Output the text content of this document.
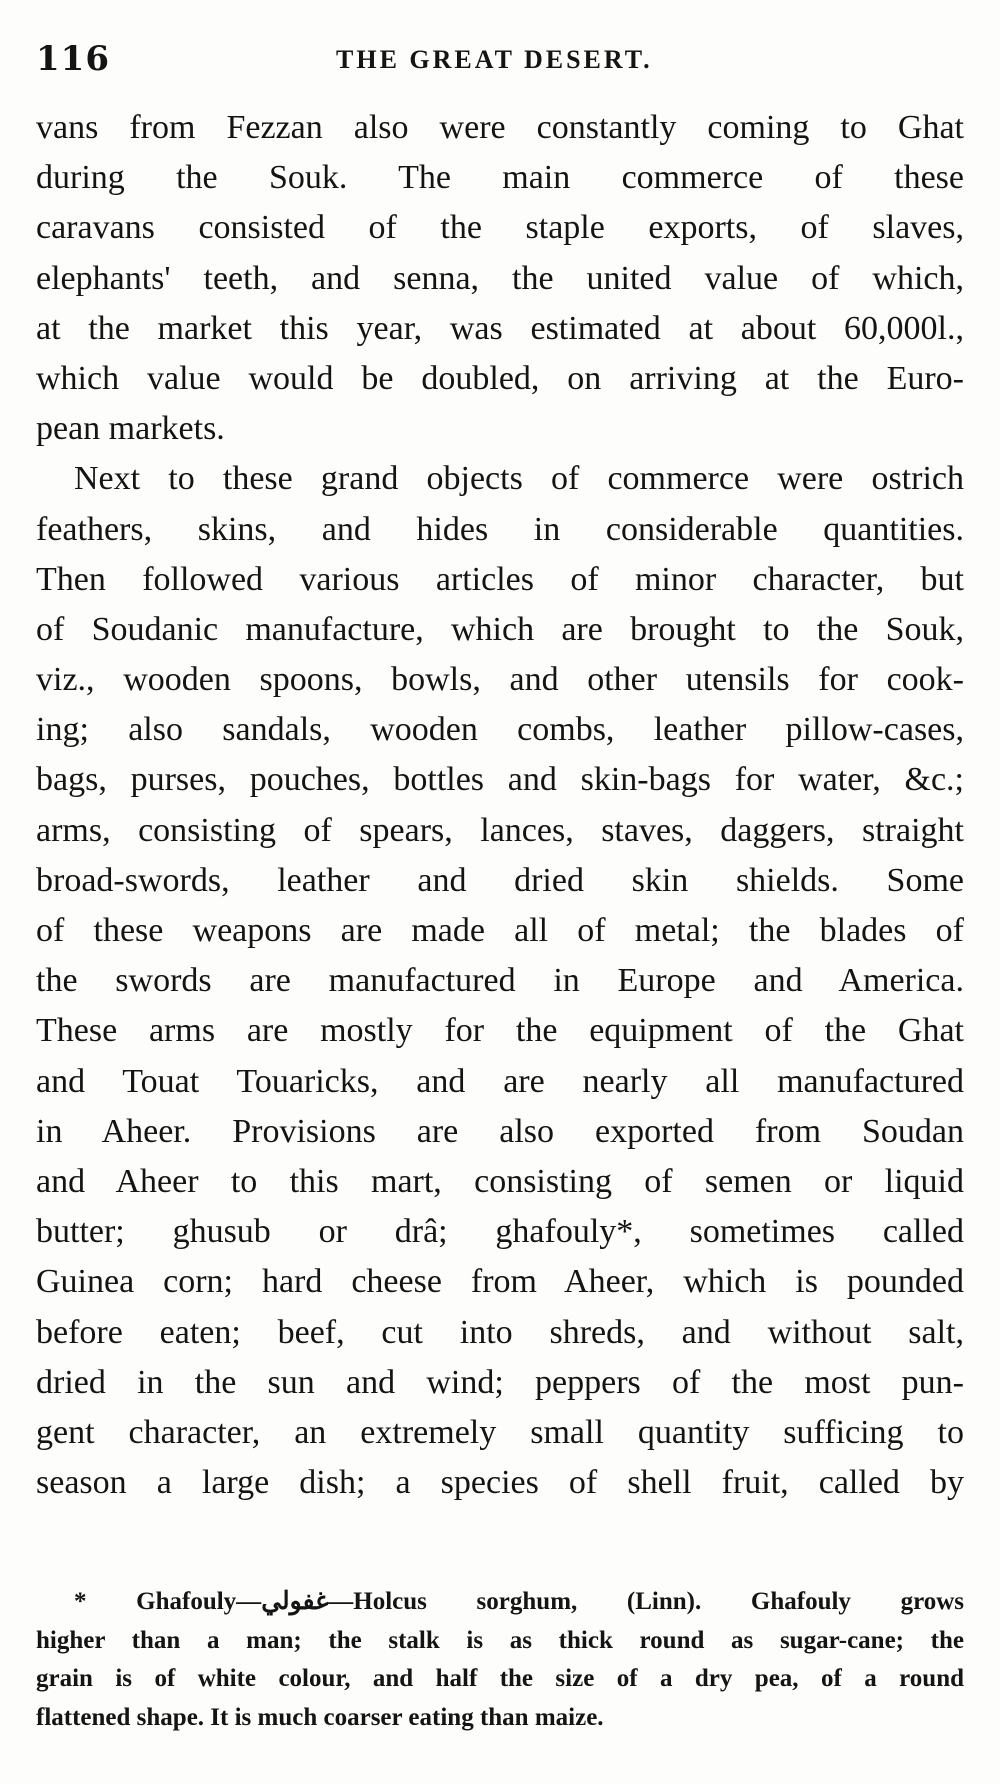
116	THE GREAT DESERT.
vans from Fezzan also were constantly coming to Ghat
during the Souk. The main commerce of these
caravans consisted of the staple exports, of slaves,
elephants' teeth, and senna, the united value of which,
at the market this year, was estimated at about 60,000l.,
which value would be doubled, on arriving at the Euro-
pean markets.
Next to these grand objects of commerce were ostrich
feathers, skins, and hides in considerable quantities.
Then followed various articles of minor character, but
of Soudanic manufacture, which are brought to the Souk,
viz., wooden spoons, bowls, and other utensils for cook-
ing; also sandals, wooden combs, leather pillow-cases,
bags, purses, pouches, bottles and skin-bags for water, &c.;
arms, consisting of spears, lances, staves, daggers, straight
broad-swords, leather and dried skin shields. Some
of these weapons are made all of metal; the blades of
the swords are manufactured in Europe and America.
These arms are mostly for the equipment of the Ghat
and Touat Touaricks, and are nearly all manufactured
in Aheer. Provisions are also exported from Soudan
and Aheer to this mart, consisting of semen or liquid
butter; ghusub or drâ; ghafouly*, sometimes called
Guinea corn; hard cheese from Aheer, which is pounded
before eaten; beef, cut into shreds, and without salt,
dried in the sun and wind; peppers of the most pun-
gent character, an extremely small quantity sufficing to
season a large dish; a species of shell fruit, called by
* Ghafouly—غفولي—Holcus sorghum, (Linn). Ghafouly grows
higher than a man; the stalk is as thick round as sugar-cane; the
grain is of white colour, and half the size of a dry pea, of a round
flattened shape. It is much coarser eating than maize.
